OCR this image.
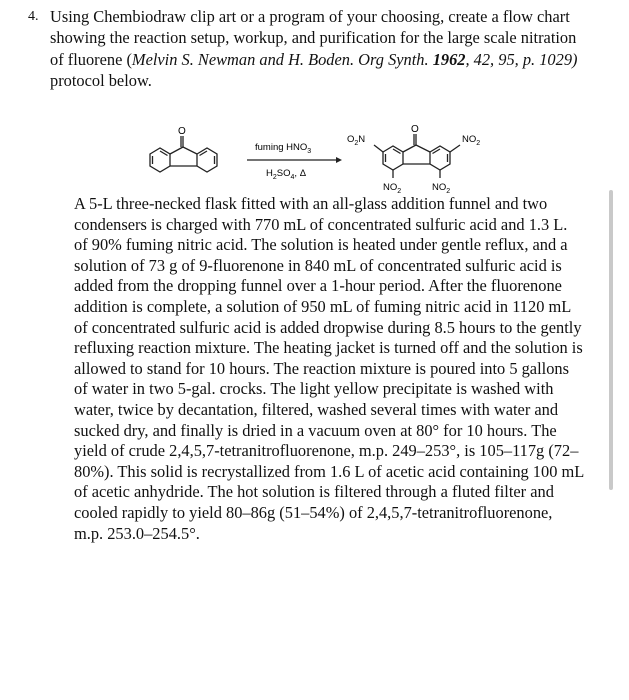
4. Using Chembiodraw clip art or a program of your choosing, create a flow chart showing the reaction setup, workup, and purification for the large scale nitration of fluorene (Melvin S. Newman and H. Boden. Org Synth. 1962, 42, 95, p. 1029) protocol below.
O
fuming $HNO_3$
$H_2SO_4$, Δ
O
$O_2N$	$NO_2$
$NO_2$	$NO_2$
A 5-L three-necked flask fitted with an all-glass addition funnel and two condensers is charged with 770 mL of concentrated sulfuric acid and 1.3 L. of 90% fuming nitric acid. The solution is heated under gentle reflux, and a solution of 73 g of 9-fluorenone in 840 mL of concentrated sulfuric acid is added from the dropping funnel over a 1-hour period. After the fluorenone addition is complete, a solution of 950 mL of fuming nitric acid in 1120 mL of concentrated sulfuric acid is added dropwise during 8.5 hours to the gently refluxing reaction mixture. The heating jacket is turned off and the solution is allowed to stand for 10 hours. The reaction mixture is poured into 5 gallons of water in two 5-gal. crocks. The light yellow precipitate is washed with water, twice by decantation, filtered, washed several times with water and sucked dry, and finally is dried in a vacuum oven at 80° for 10 hours. The yield of crude 2,4,5,7-tetranitrofluorenone, m.p. 249–253°, is 105–117g (72–80%). This solid is recrystallized from 1.6 L of acetic acid containing 100 mL of acetic anhydride. The hot solution is filtered through a fluted filter and cooled rapidly to yield 80–86g (51–54%) of 2,4,5,7-tetranitrofluorenone, m.p. 253.0–254.5°.
